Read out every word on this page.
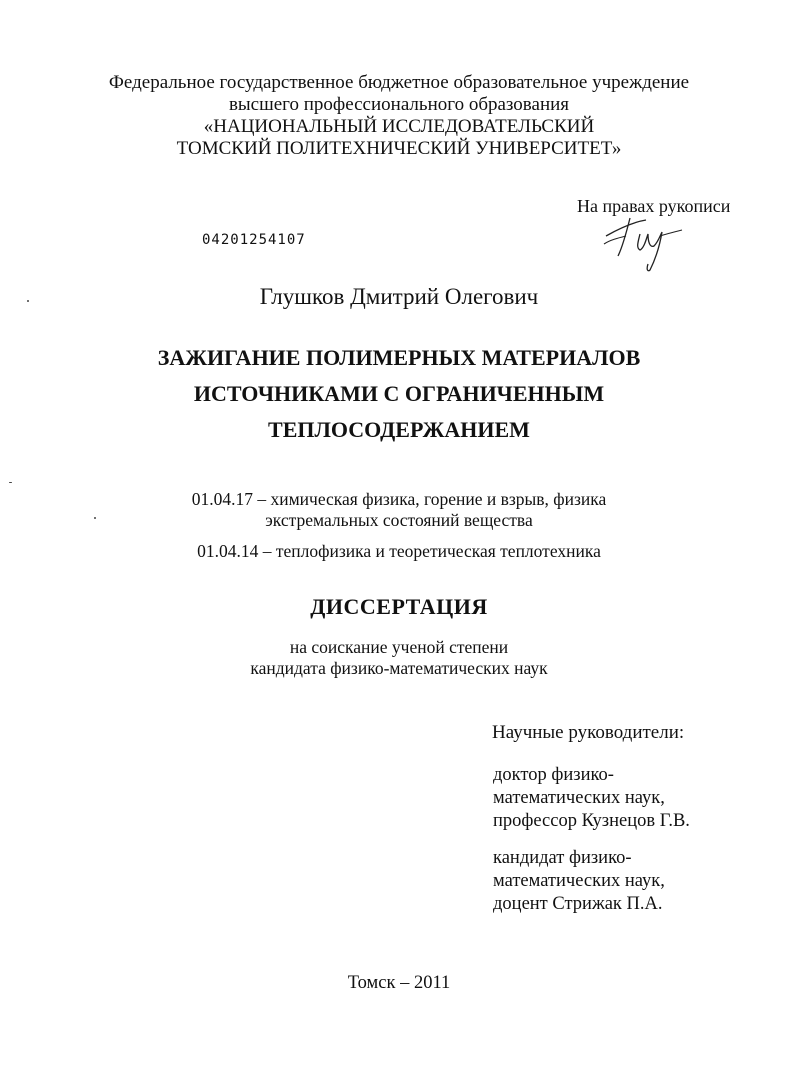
Федеральное государственное бюджетное образовательное учреждение
высшего профессионального образования
«НАЦИОНАЛЬНЫЙ ИССЛЕДОВАТЕЛЬСКИЙ
ТОМСКИЙ ПОЛИТЕХНИЧЕСКИЙ УНИВЕРСИТЕТ»
На правах рукописи
04201254107
Глушков Дмитрий Олегович
ЗАЖИГАНИЕ ПОЛИМЕРНЫХ МАТЕРИАЛОВ
ИСТОЧНИКАМИ С ОГРАНИЧЕННЫМ
ТЕПЛОСОДЕРЖАНИЕМ
01.04.17 – химическая физика, горение и взрыв, физика
экстремальных состояний вещества
01.04.14 – теплофизика и теоретическая теплотехника
ДИССЕРТАЦИЯ
на соискание ученой степени
кандидата физико-математических наук
Научные руководители:
доктор физико-
математических наук,
профессор Кузнецов Г.В.
кандидат физико-
математических наук,
доцент Стрижак П.А.
Томск – 2011
